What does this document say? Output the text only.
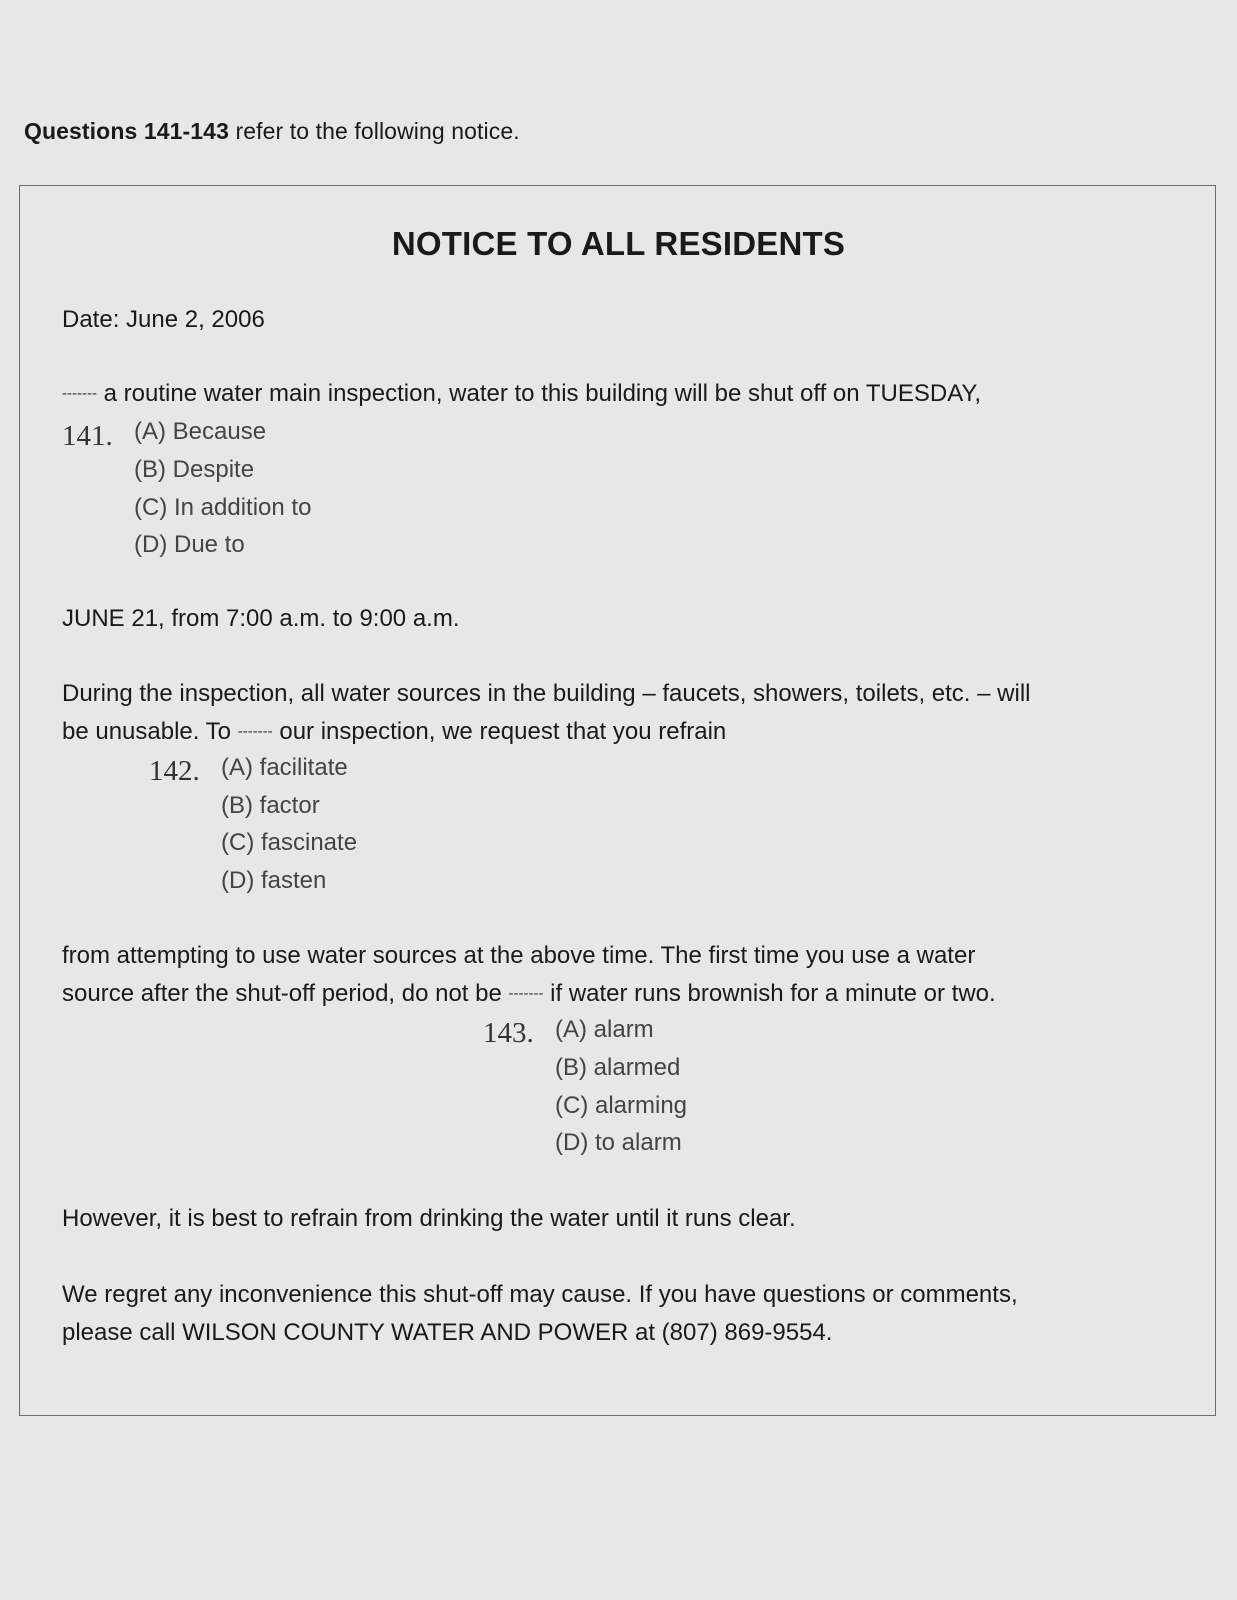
Questions 141-143 refer to the following notice.
NOTICE TO ALL RESIDENTS
Date: June 2, 2006
------- a routine water main inspection, water to this building will be shut off on TUESDAY,
141. (A) Because
(B) Despite
(C) In addition to
(D) Due to
JUNE 21, from 7:00 a.m. to 9:00 a.m.
During the inspection, all water sources in the building – faucets, showers, toilets, etc. – will
be unusable. To ------- our inspection, we request that you refrain
142. (A) facilitate
(B) factor
(C) fascinate
(D) fasten
from attempting to use water sources at the above time. The first time you use a water
source after the shut-off period, do not be ------- if water runs brownish for a minute or two.
143. (A) alarm
(B) alarmed
(C) alarming
(D) to alarm
However, it is best to refrain from drinking the water until it runs clear.
We regret any inconvenience this shut-off may cause. If you have questions or comments,
please call WILSON COUNTY WATER AND POWER at (807) 869-9554.
